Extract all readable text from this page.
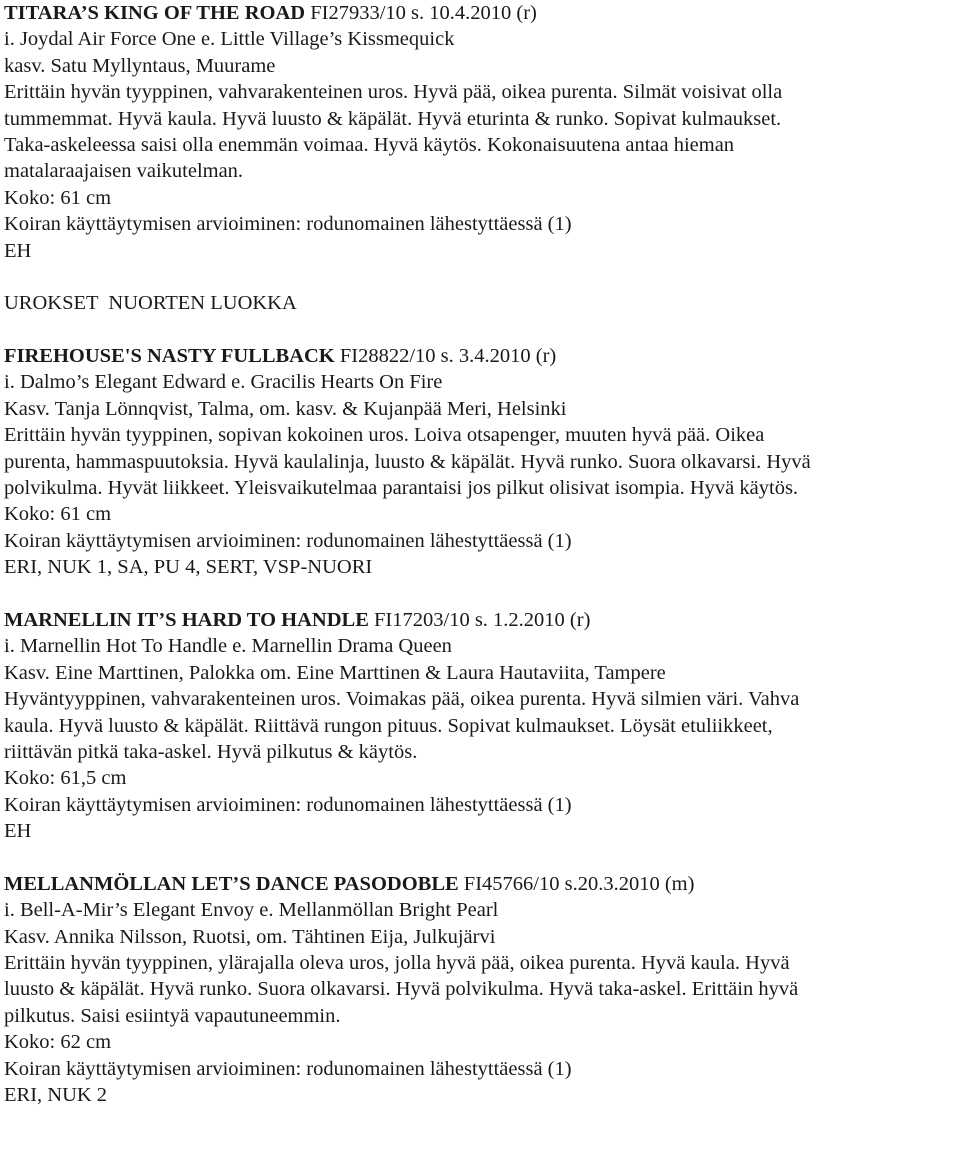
TITARA’S KING OF THE ROAD FI27933/10 s. 10.4.2010 (r)
i. Joydal Air Force One e. Little Village’s Kissmequick
kasv. Satu Myllyntaus, Muurame
Erittäin hyvän tyyppinen, vahvarakenteinen uros. Hyvä pää, oikea purenta. Silmät voisivat olla
tummemmat. Hyvä kaula. Hyvä luusto & käpälät. Hyvä eturinta & runko. Sopivat kulmaukset.
Taka-askeleessa saisi olla enemmän voimaa. Hyvä käytös. Kokonaisuutena antaa hieman
matalaraajaisen vaikutelman.
Koko: 61 cm
Koiran käyttäytymisen arvioiminen: rodunomainen lähestyttäessä (1)
EH
UROKSET  NUORTEN LUOKKA
FIREHOUSE'S NASTY FULLBACK FI28822/10 s. 3.4.2010 (r)
i. Dalmo’s Elegant Edward e. Gracilis Hearts On Fire
Kasv. Tanja Lönnqvist, Talma, om. kasv. & Kujanpää Meri, Helsinki
Erittäin hyvän tyyppinen, sopivan kokoinen uros. Loiva otsapenger, muuten hyvä pää. Oikea
purenta, hammaspuutoksia. Hyvä kaulalinja, luusto & käpälät. Hyvä runko. Suora olkavarsi. Hyvä
polvikulma. Hyvät liikkeet. Yleisvaikutelmaa parantaisi jos pilkut olisivat isompia. Hyvä käytös.
Koko: 61 cm
Koiran käyttäytymisen arvioiminen: rodunomainen lähestyttäessä (1)
ERI, NUK 1, SA, PU 4, SERT, VSP-NUORI
MARNELLIN IT’S HARD TO HANDLE FI17203/10 s. 1.2.2010 (r)
i. Marnellin Hot To Handle e. Marnellin Drama Queen
Kasv. Eine Marttinen, Palokka om. Eine Marttinen & Laura Hautaviita, Tampere
Hyväntyyppinen, vahvarakenteinen uros. Voimakas pää, oikea purenta. Hyvä silmien väri. Vahva
kaula. Hyvä luusto & käpälät. Riittävä rungon pituus. Sopivat kulmaukset. Löysät etuliikkeet,
riittävän pitkä taka-askel. Hyvä pilkutus & käytös.
Koko: 61,5 cm
Koiran käyttäytymisen arvioiminen: rodunomainen lähestyttäessä (1)
EH
MELLANMÖLLAN LET’S DANCE PASODOBLE FI45766/10 s.20.3.2010 (m)
i. Bell-A-Mir’s Elegant Envoy e. Mellanmöllan Bright Pearl
Kasv. Annika Nilsson, Ruotsi, om. Tähtinen Eija, Julkujärvi
Erittäin hyvän tyyppinen, ylärajalla oleva uros, jolla hyvä pää, oikea purenta. Hyvä kaula. Hyvä
luusto & käpälät. Hyvä runko. Suora olkavarsi. Hyvä polvikulma. Hyvä taka-askel. Erittäin hyvä
pilkutus. Saisi esiintyä vapautuneemmin.
Koko: 62 cm
Koiran käyttäytymisen arvioiminen: rodunomainen lähestyttäessä (1)
ERI, NUK 2
